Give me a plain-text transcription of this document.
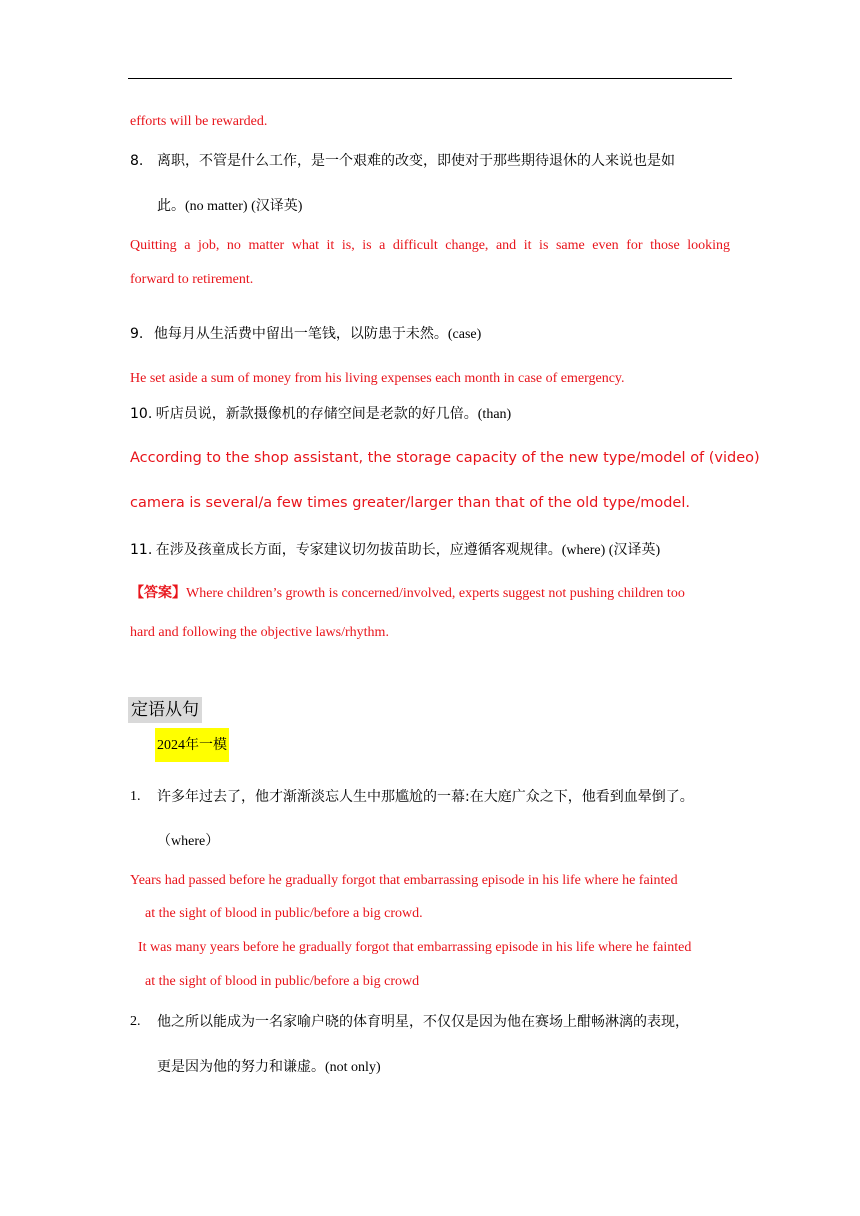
efforts will be rewarded.
8. 离职，不管是什么工作，是一个艰难的改变，即使对于那些期待退休的人来说也是如
此。(no matter) (汉译英)
Quitting a job, no matter what it is, is a difficult change, and it is same even for those looking
forward to retirement.
9. 他每月从生活费中留出一笔钱，以防患于未然。(case)
He set aside a sum of money from his living expenses each month in case of emergency.
10. 听店员说，新款摄像机的存储空间是老款的好几倍。(than)
According to the shop assistant, the storage capacity of the new type/model of (video)
camera is several/a few times greater/larger than that of the old type/model.
11. 在涉及孩童成长方面，专家建议切勿拔苗助长，应遵循客观规律。(where) (汉译英)
【答案】Where children’s growth is concerned/involved, experts suggest not pushing children too
hard and following the objective laws/rhythm.
定语从句
2024年一模
1. 许多年过去了，他才渐渐淡忘人生中那尴尬的一幕:在大庭广众之下，他看到血晕倒了。
（where）
Years had passed before he gradually forgot that embarrassing episode in his life where he fainted
at the sight of blood in public/before a big crowd.
It was many years before he gradually forgot that embarrassing episode in his life where he fainted
at the sight of blood in public/before a big crowd
2. 他之所以能成为一名家喻户晓的体育明星，不仅仅是因为他在赛场上酣畅淋漓的表现，
更是因为他的努力和谦虚。(not only)
